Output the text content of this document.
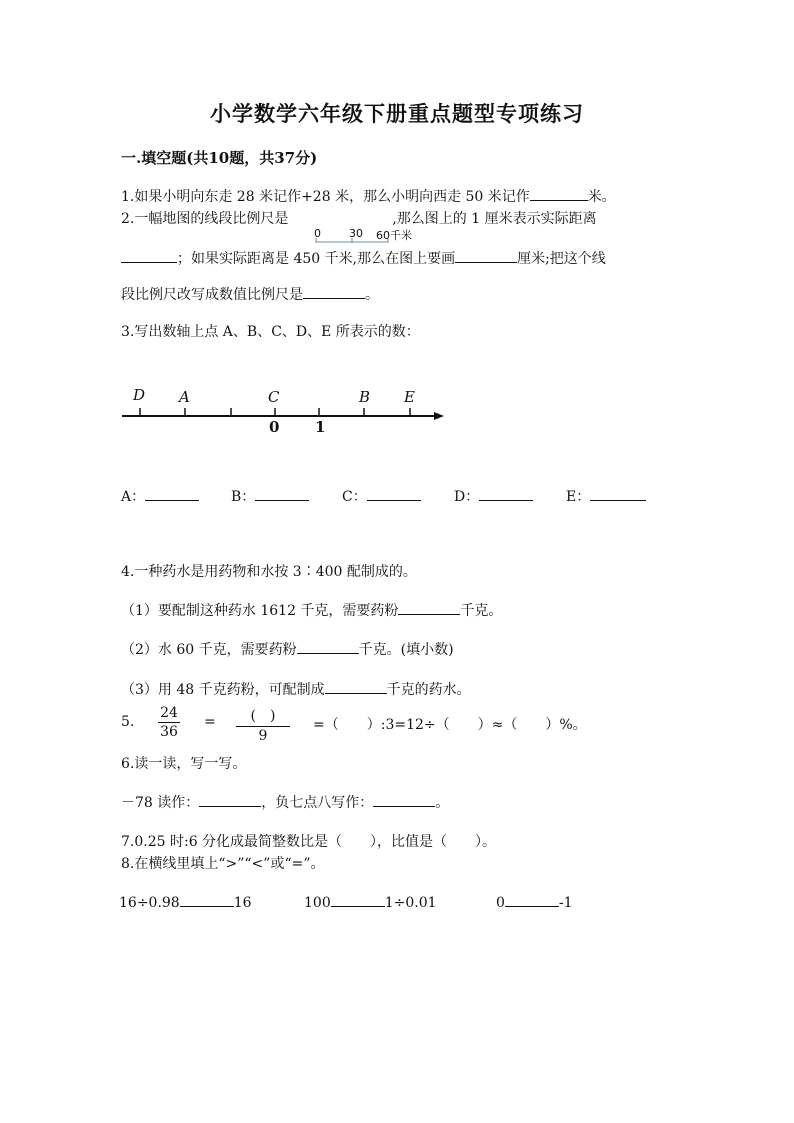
小学数学六年级下册重点题型专项练习
一.填空题(共10题，共37分)
1.如果小明向东走 28 米记作+28 米，那么小明向西走 50 米记作	米。
2.一幅地图的线段比例尺是	,那么图上的 1 厘米表示实际距离
0	30 60千米
；如果实际距离是 450 千米,那么在图上要画	厘米;把这个线
段比例尺改写成数值比例尺是	。
3.写出数轴上点 A、B、C、D、E 所表示的数：
D A	C	B E
0 1
A：	B：	C：	D：	E：
4.一种药水是用药物和水按 3∶400 配制成的。
（1）要配制这种药水 1612 千克，需要药粉	千克。
（2）水 60 千克，需要药粉	千克。(填小数)
（3）用 48 千克药粉，可配制成	千克的药水。
5. $\frac{24}{36}$ =	(　)
9
=（　　）:3=12÷（　　）≈（　　）%。
6.读一读，写一写。
－78 读作：	，负七点八写作：	。
7.0.25 时:6 分化成最简整数比是（　　），比值是（　　）。
8.在横线里填上“>”“<”或“=”。
16÷0.98	16	100	1÷0.01	0	-1
